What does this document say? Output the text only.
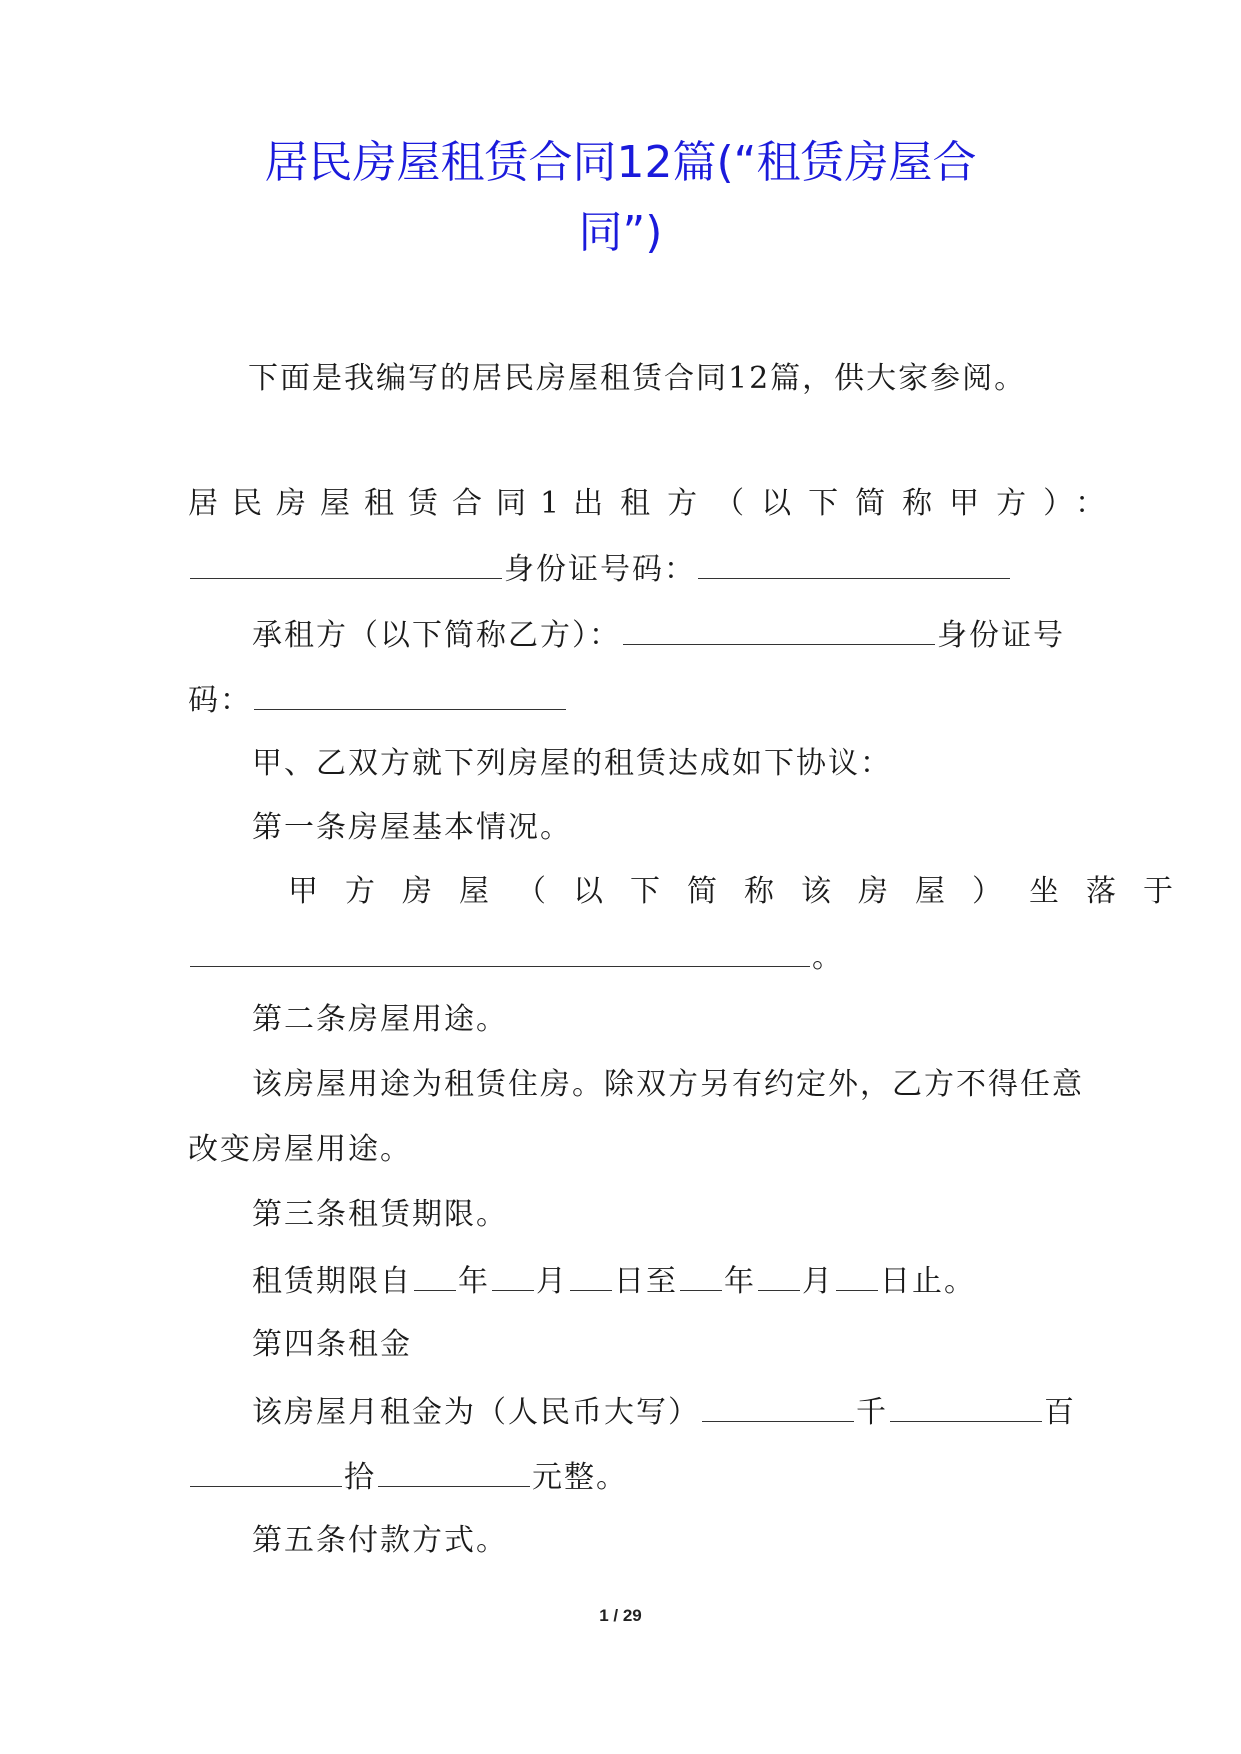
居民房屋租赁合同12篇(“租赁房屋合
同”)
下面是我编写的居民房屋租赁合同12篇，供大家参阅。
居民房屋租赁合同1 出租方（以下简称甲方）：
身份证号码：
承租方（以下简称乙方）：	身份证号
码：
甲、乙双方就下列房屋的租赁达成如下协议：
第一条房屋基本情况。
甲方房屋（以下简称该房屋）坐落于
。
第二条房屋用途。
该房屋用途为租赁住房。除双方另有约定外，乙方不得任意
改变房屋用途。
第三条租赁期限。
租赁期限自 年 月 日至 年 月 日止。
第四条租金
该房屋月租金为（人民币大写）	千	百
拾	元整。
第五条付款方式。
1 / 29
